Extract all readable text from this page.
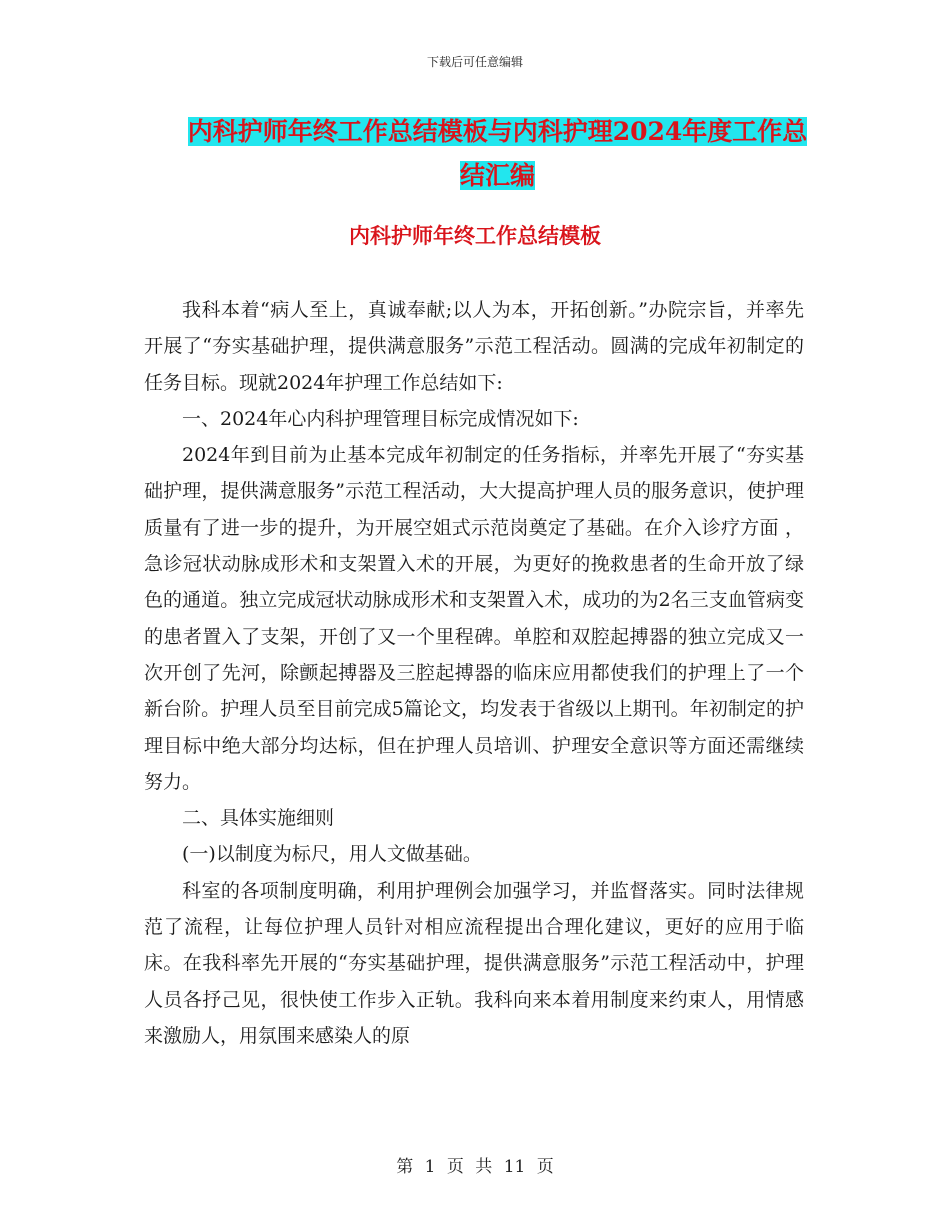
下载后可任意编辑
内科护师年终工作总结模板与内科护理2024年度工作总结汇编
内科护师年终工作总结模板

我科本着“病人至上，真诚奉献;以人为本，开拓创新。”办院宗旨，并率先开展了“夯实基础护理，提供满意服务”示范工程活动。圆满的完成年初制定的任务目标。现就2024年护理工作总结如下:

一、2024年心内科护理管理目标完成情况如下:

2024年到目前为止基本完成年初制定的任务指标，并率先开展了“夯实基础护理，提供满意服务”示范工程活动，大大提高护理人员的服务意识，使护理质量有了进一步的提升，为开展空姐式示范岗奠定了基础。在介入诊疗方面 ，急诊冠状动脉成形术和支架置入术的开展，为更好的挽救患者的生命开放了绿色的通道。独立完成冠状动脉成形术和支架置入术，成功的为2名三支血管病变的患者置入了支架，开创了又一个里程碑。单腔和双腔起搏器的独立完成又一次开创了先河，除颤起搏器及三腔起搏器的临床应用都使我们的护理上了一个新台阶。护理人员至目前完成5篇论文，均发表于省级以上期刊。年初制定的护理目标中绝大部分均达标，但在护理人员培训、护理安全意识等方面还需继续努力。

二、具体实施细则

(一)以制度为标尺，用人文做基础。

科室的各项制度明确，利用护理例会加强学习，并监督落实。同时法律规范了流程，让每位护理人员针对相应流程提出合理化建议，更好的应用于临床。在我科率先开展的“夯实基础护理，提供满意服务”示范工程活动中，护理人员各抒己见，很快使工作步入正轨。我科向来本着用制度来约束人，用情感来激励人，用氛围来感染人的原

第 1 页 共 11 页
